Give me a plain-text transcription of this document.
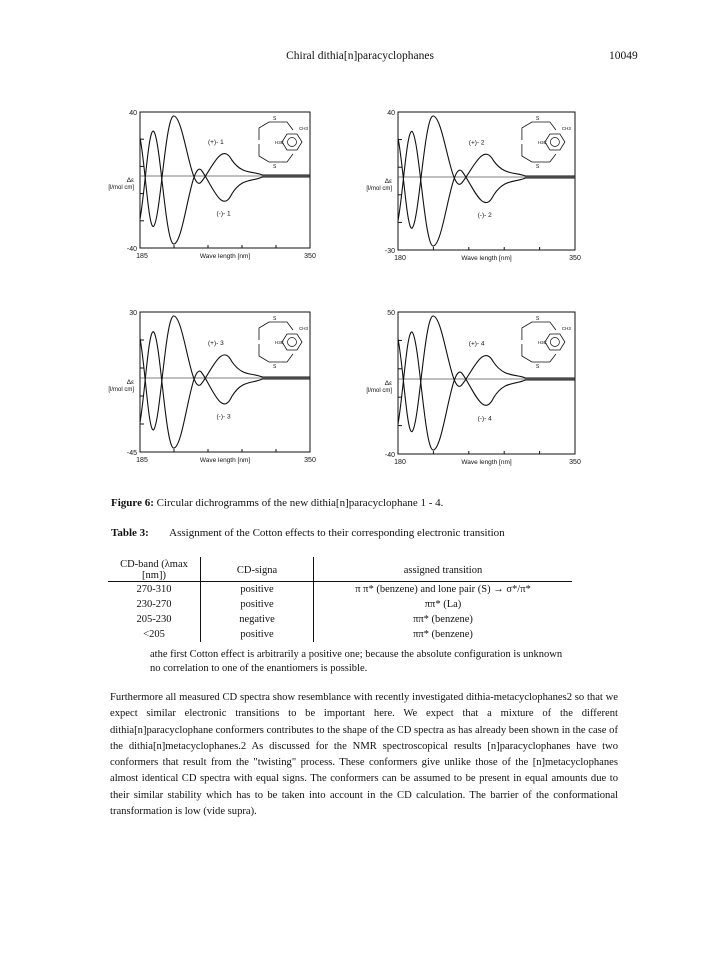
Chiral dithia[n]paracyclophanes	10049
40
-40
Δε
[l/mol cm]
185	350
Wave length [nm]
(+)- 1
(-)- 1
S
S
CH3
H3C
40
-30
Δε
[l/mol cm]
180	350
Wave length [nm]
(+)- 2
(-)- 2
S
S
CH3
H3C
30
-45
Δε
[l/mol cm]
185	350
Wave length [nm]
(+)- 3
(-)- 3
S
S
CH3
H3C
50
-40
Δε
[l/mol cm]
180	350
Wave length [nm]
(+)- 4
(-)- 4
S
S
CH3
H3C
Figure 6: Circular dichrogramms of the new dithia[n]paracyclophane 1 - 4.
Table 3: Assignment of the Cotton effects to their corresponding electronic transition
CD-band (λmax [nm])	CD-signa	assigned transition
270-310	positive	π π* (benzene) and lone pair (S) → σ*/π*
230-270	positive	ππ* (La)
205-230	negative	ππ* (benzene)
<205	positive	ππ* (benzene)
athe first Cotton effect is arbitrarily a positive one; because the absolute configuration is unknown no correlation to one of the enantiomers is possible.
Furthermore all measured CD spectra show resemblance with recently investigated dithia-metacyclophanes2 so that we expect similar electronic transitions to be important here. We expect that a mixture of the different dithia[n]paracyclophane conformers contributes to the shape of the CD spectra as has already been shown in the case of the dithia[n]metacyclophanes.2 As discussed for the NMR spectroscopical results [n]paracyclophanes have two conformers that result from the "twisting" process. These conformers give unlike those of the [n]metacyclophanes almost identical CD spectra with equal signs. The conformers can be assumed to be present in equal amounts due to their similar stability which has to be taken into account in the CD calculation. The barrier of the conformational transformation is low (vide supra).
